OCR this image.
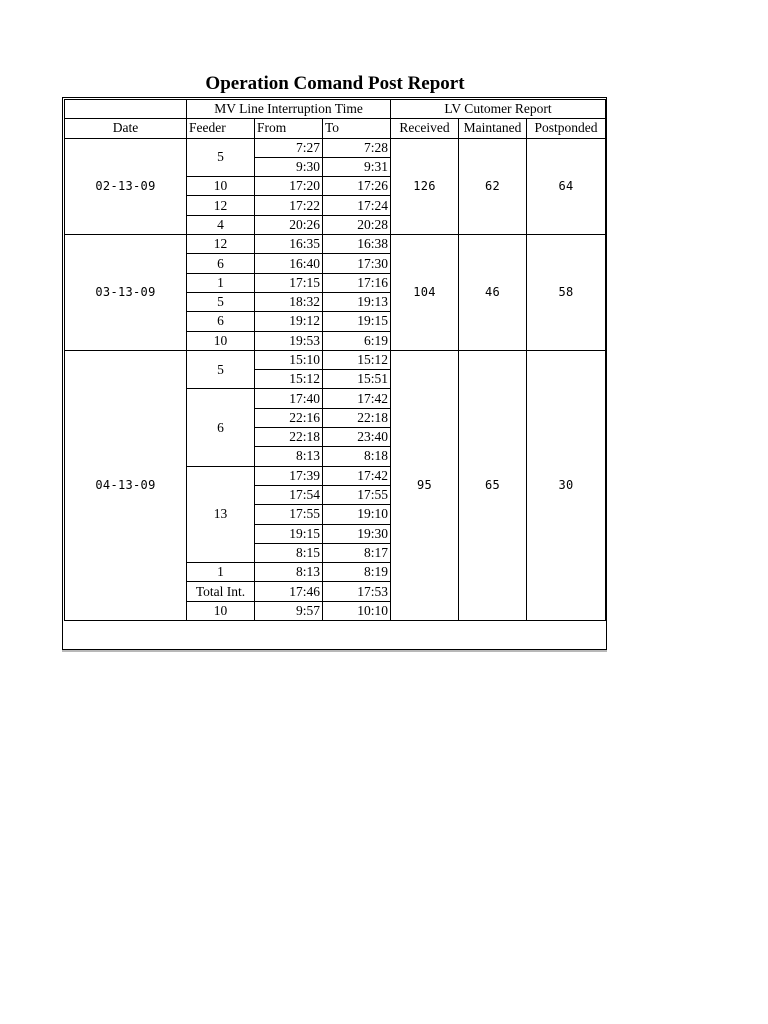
Operation Comand Post Report
	MV Line Interruption Time			LV Cutomer Report		
Date	Feeder	From	To	Received	Maintaned	Postponded
02-13-09	5	7:27	7:28	126	62	64
		9:30	9:31			
	10	17:20	17:26			
	12	17:22	17:24			
	4	20:26	20:28			
03-13-09	12	16:35	16:38	104	46	58
	6	16:40	17:30			
	1	17:15	17:16			
	5	18:32	19:13			
	6	19:12	19:15			
	10	19:53	6:19			
04-13-09	5	15:10	15:12	95	65	30
		15:12	15:51			
	6	17:40	17:42			
		22:16	22:18			
		22:18	23:40			
		8:13	8:18			
	13	17:39	17:42			
		17:54	17:55			
		17:55	19:10			
		19:15	19:30			
		8:15	8:17			
	1	8:13	8:19			
	Total Int.	17:46	17:53			
	10	9:57	10:10			
